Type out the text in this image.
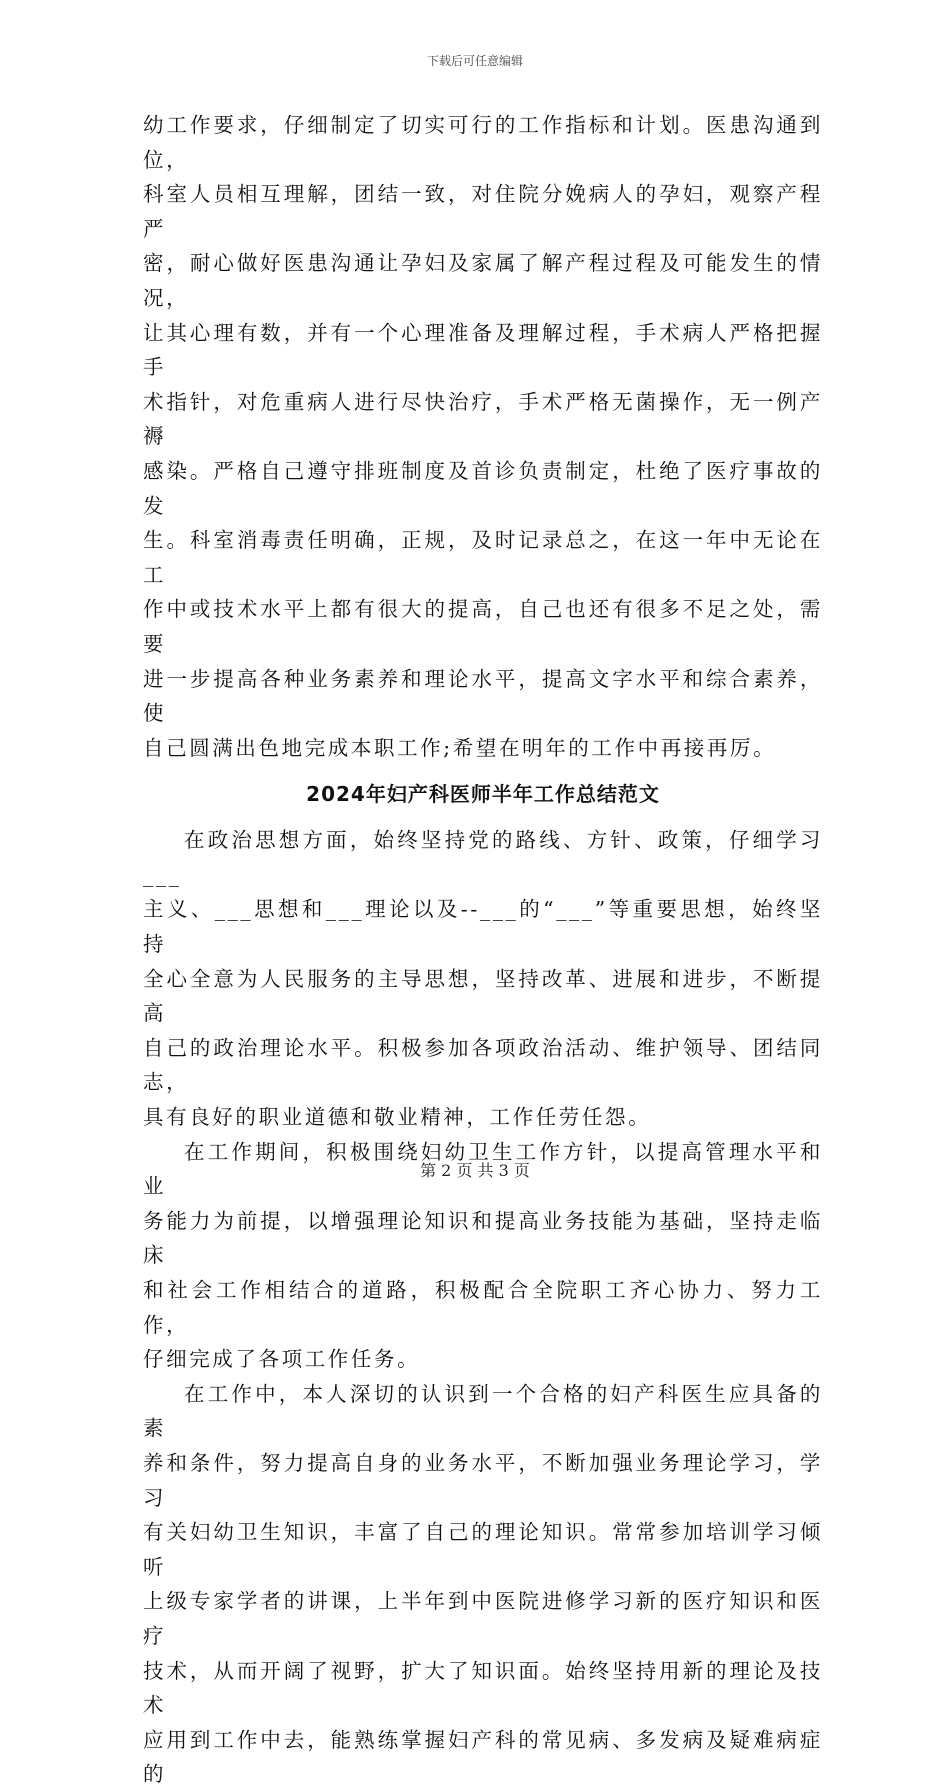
下载后可任意编辑

幼工作要求，仔细制定了切实可行的工作指标和计划。医患沟通到位，
科室人员相互理解，团结一致，对住院分娩病人的孕妇，观察产程严
密，耐心做好医患沟通让孕妇及家属了解产程过程及可能发生的情况，
让其心理有数，并有一个心理准备及理解过程，手术病人严格把握手
术指针，对危重病人进行尽快治疗，手术严格无菌操作，无一例产褥
感染。严格自己遵守排班制度及首诊负责制定，杜绝了医疗事故的发
生。科室消毒责任明确，正规，及时记录总之，在这一年中无论在工
作中或技术水平上都有很大的提高，自己也还有很多不足之处，需要
进一步提高各种业务素养和理论水平，提高文字水平和综合素养，使
自己圆满出色地完成本职工作;希望在明年的工作中再接再厉。

2024年妇产科医师半年工作总结范文

在政治思想方面，始终坚持党的路线、方针、政策，仔细学习___
主义、___思想和___理论以及--___的“___”等重要思想，始终坚持
全心全意为人民服务的主导思想，坚持改革、进展和进步，不断提高
自己的政治理论水平。积极参加各项政治活动、维护领导、团结同志，
具有良好的职业道德和敬业精神，工作任劳任怨。

在工作期间，积极围绕妇幼卫生工作方针，以提高管理水平和业
务能力为前提，以增强理论知识和提高业务技能为基础，坚持走临床
和社会工作相结合的道路，积极配合全院职工齐心协力、努力工作，
仔细完成了各项工作任务。

在工作中，本人深切的认识到一个合格的妇产科医生应具备的素
养和条件，努力提高自身的业务水平，不断加强业务理论学习，学习
有关妇幼卫生知识，丰富了自己的理论知识。常常参加培训学习倾听
上级专家学者的讲课，上半年到中医院进修学习新的医疗知识和医疗
技术，从而开阔了视野，扩大了知识面。始终坚持用新的理论及技术
应用到工作中去，能熟练掌握妇产科的常见病、多发病及疑难病症的

第 2 页 共 3 页
